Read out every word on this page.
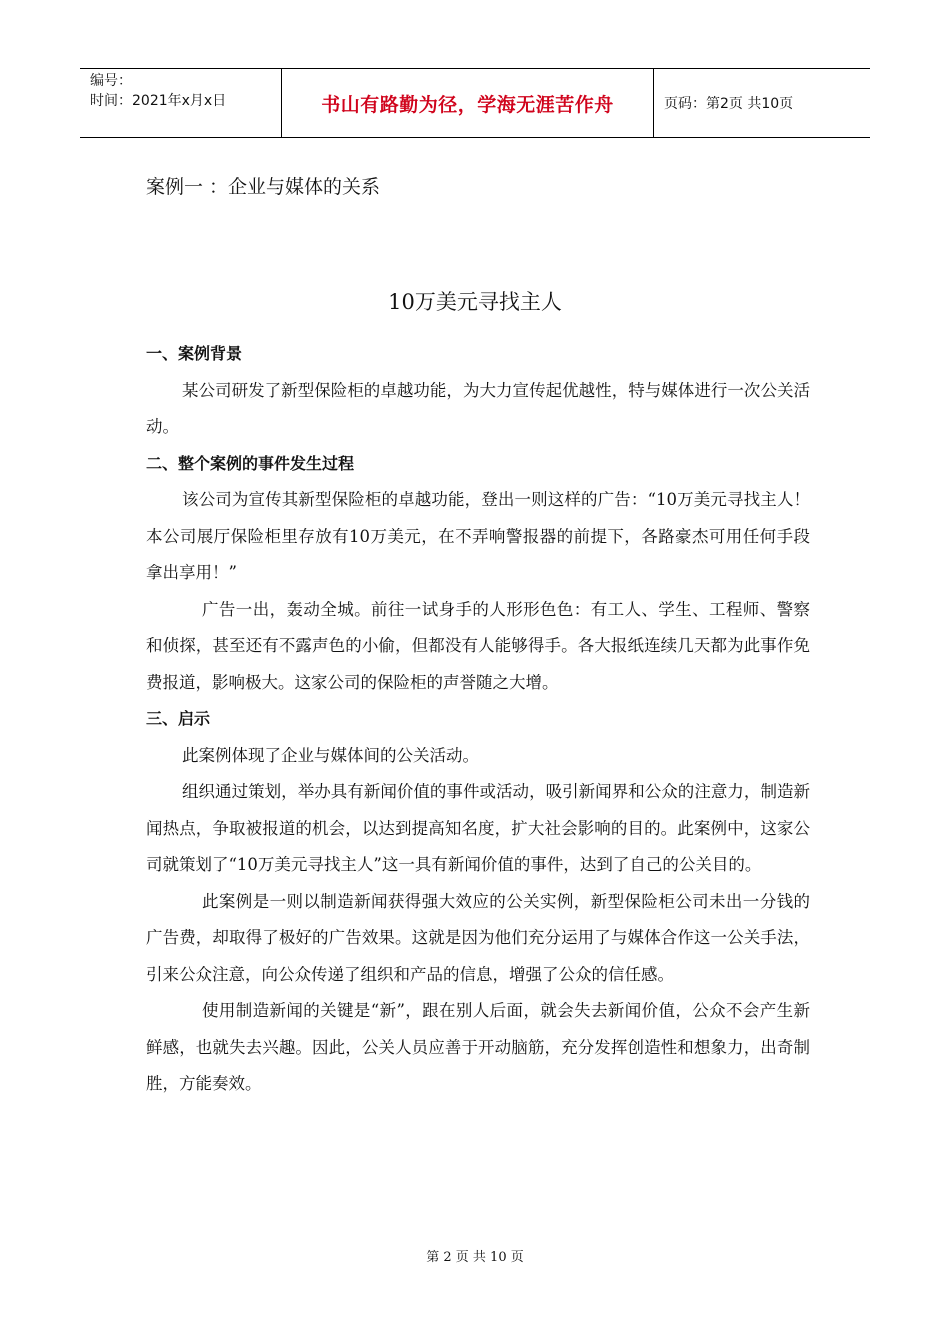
编号：
时间：2021年x月x日	书山有路勤为径，学海无涯苦作舟	页码：第2页 共10页
案例一 ：企业与媒体的关系
10万美元寻找主人

一、案例背景

某公司研发了新型保险柜的卓越功能，为大力宣传起优越性，特与媒体进行一次公关活动。

二、整个案例的事件发生过程

该公司为宣传其新型保险柜的卓越功能，登出一则这样的广告：“10万美元寻找主人！本公司展厅保险柜里存放有10万美元，在不弄响警报器的前提下，各路豪杰可用任何手段拿出享用！”

广告一出，轰动全城。前往一试身手的人形形色色：有工人、学生、工程师、警察和侦探，甚至还有不露声色的小偷，但都没有人能够得手。各大报纸连续几天都为此事作免费报道，影响极大。这家公司的保险柜的声誉随之大增。

三、启示

此案例体现了企业与媒体间的公关活动。

组织通过策划，举办具有新闻价值的事件或活动，吸引新闻界和公众的注意力，制造新闻热点，争取被报道的机会，以达到提高知名度，扩大社会影响的目的。此案例中，这家公司就策划了“10万美元寻找主人”这一具有新闻价值的事件，达到了自己的公关目的。

此案例是一则以制造新闻获得强大效应的公关实例，新型保险柜公司未出一分钱的广告费，却取得了极好的广告效果。这就是因为他们充分运用了与媒体合作这一公关手法，引来公众注意，向公众传递了组织和产品的信息，增强了公众的信任感。

使用制造新闻的关键是“新”，跟在别人后面，就会失去新闻价值，公众不会产生新鲜感，也就失去兴趣。因此，公关人员应善于开动脑筋，充分发挥创造性和想象力，出奇制胜，方能奏效。

第 2 页 共 10 页
